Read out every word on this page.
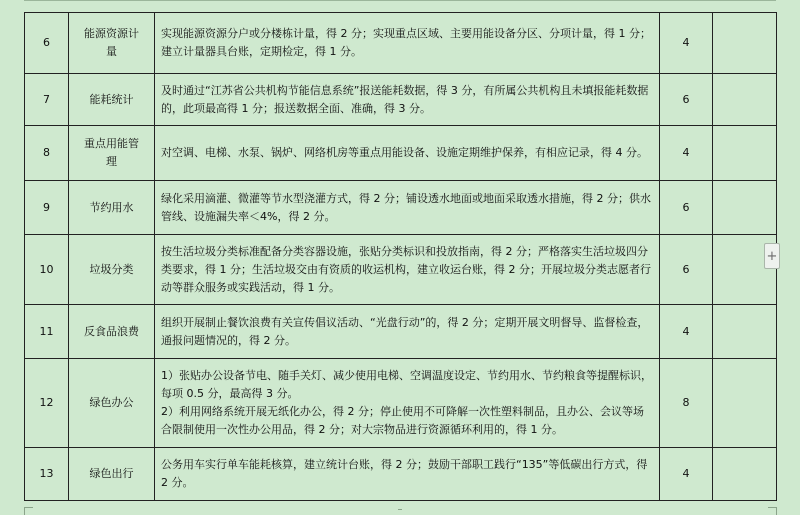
6	能源资源计量	实现能源资源分户或分楼栋计量，得 2 分；实现重点区域、主要用能设备分区、分项计量，得 1 分；建立计量器具台账，定期检定，得 1 分。	4	
7	能耗统计	及时通过“江苏省公共机构节能信息系统”报送能耗数据，得 3 分，有所属公共机构且未填报能耗数据的，此项最高得 1 分；报送数据全面、准确，得 3 分。	6	
8	重点用能管理	对空调、电梯、水泵、锅炉、网络机房等重点用能设备、设施定期维护保养，有相应记录，得 4 分。	4	
9	节约用水	绿化采用滴灌、微灌等节水型浇灌方式，得 2 分；铺设透水地面或地面采取透水措施，得 2 分；供水管线、设施漏失率＜4%，得 2 分。	6	
10	垃圾分类	按生活垃圾分类标准配备分类容器设施，张贴分类标识和投放指南，得 2 分；严格落实生活垃圾四分类要求，得 1 分；生活垃圾交由有资质的收运机构，建立收运台账，得 2 分；开展垃圾分类志愿者行动等群众服务或实践活动，得 1 分。	6	
11	反食品浪费	组织开展制止餐饮浪费有关宣传倡议活动、“光盘行动”的，得 2 分；定期开展文明督导、监督检查，通报问题情况的，得 2 分。	4	
12	绿色办公	1）张贴办公设备节电、随手关灯、减少使用电梯、空调温度设定、节约用水、节约粮食等提醒标识，每项 0.5 分，最高得 3 分。
2）利用网络系统开展无纸化办公，得 2 分；停止使用不可降解一次性塑料制品，且办公、会议等场合限制使用一次性办公用品，得 2 分；对大宗物品进行资源循环利用的，得 1 分。	8	
13	绿色出行	公务用车实行单车能耗核算，建立统计台账，得 2 分；鼓励干部职工践行“135”等低碳出行方式，得 2 分。	4	
+
